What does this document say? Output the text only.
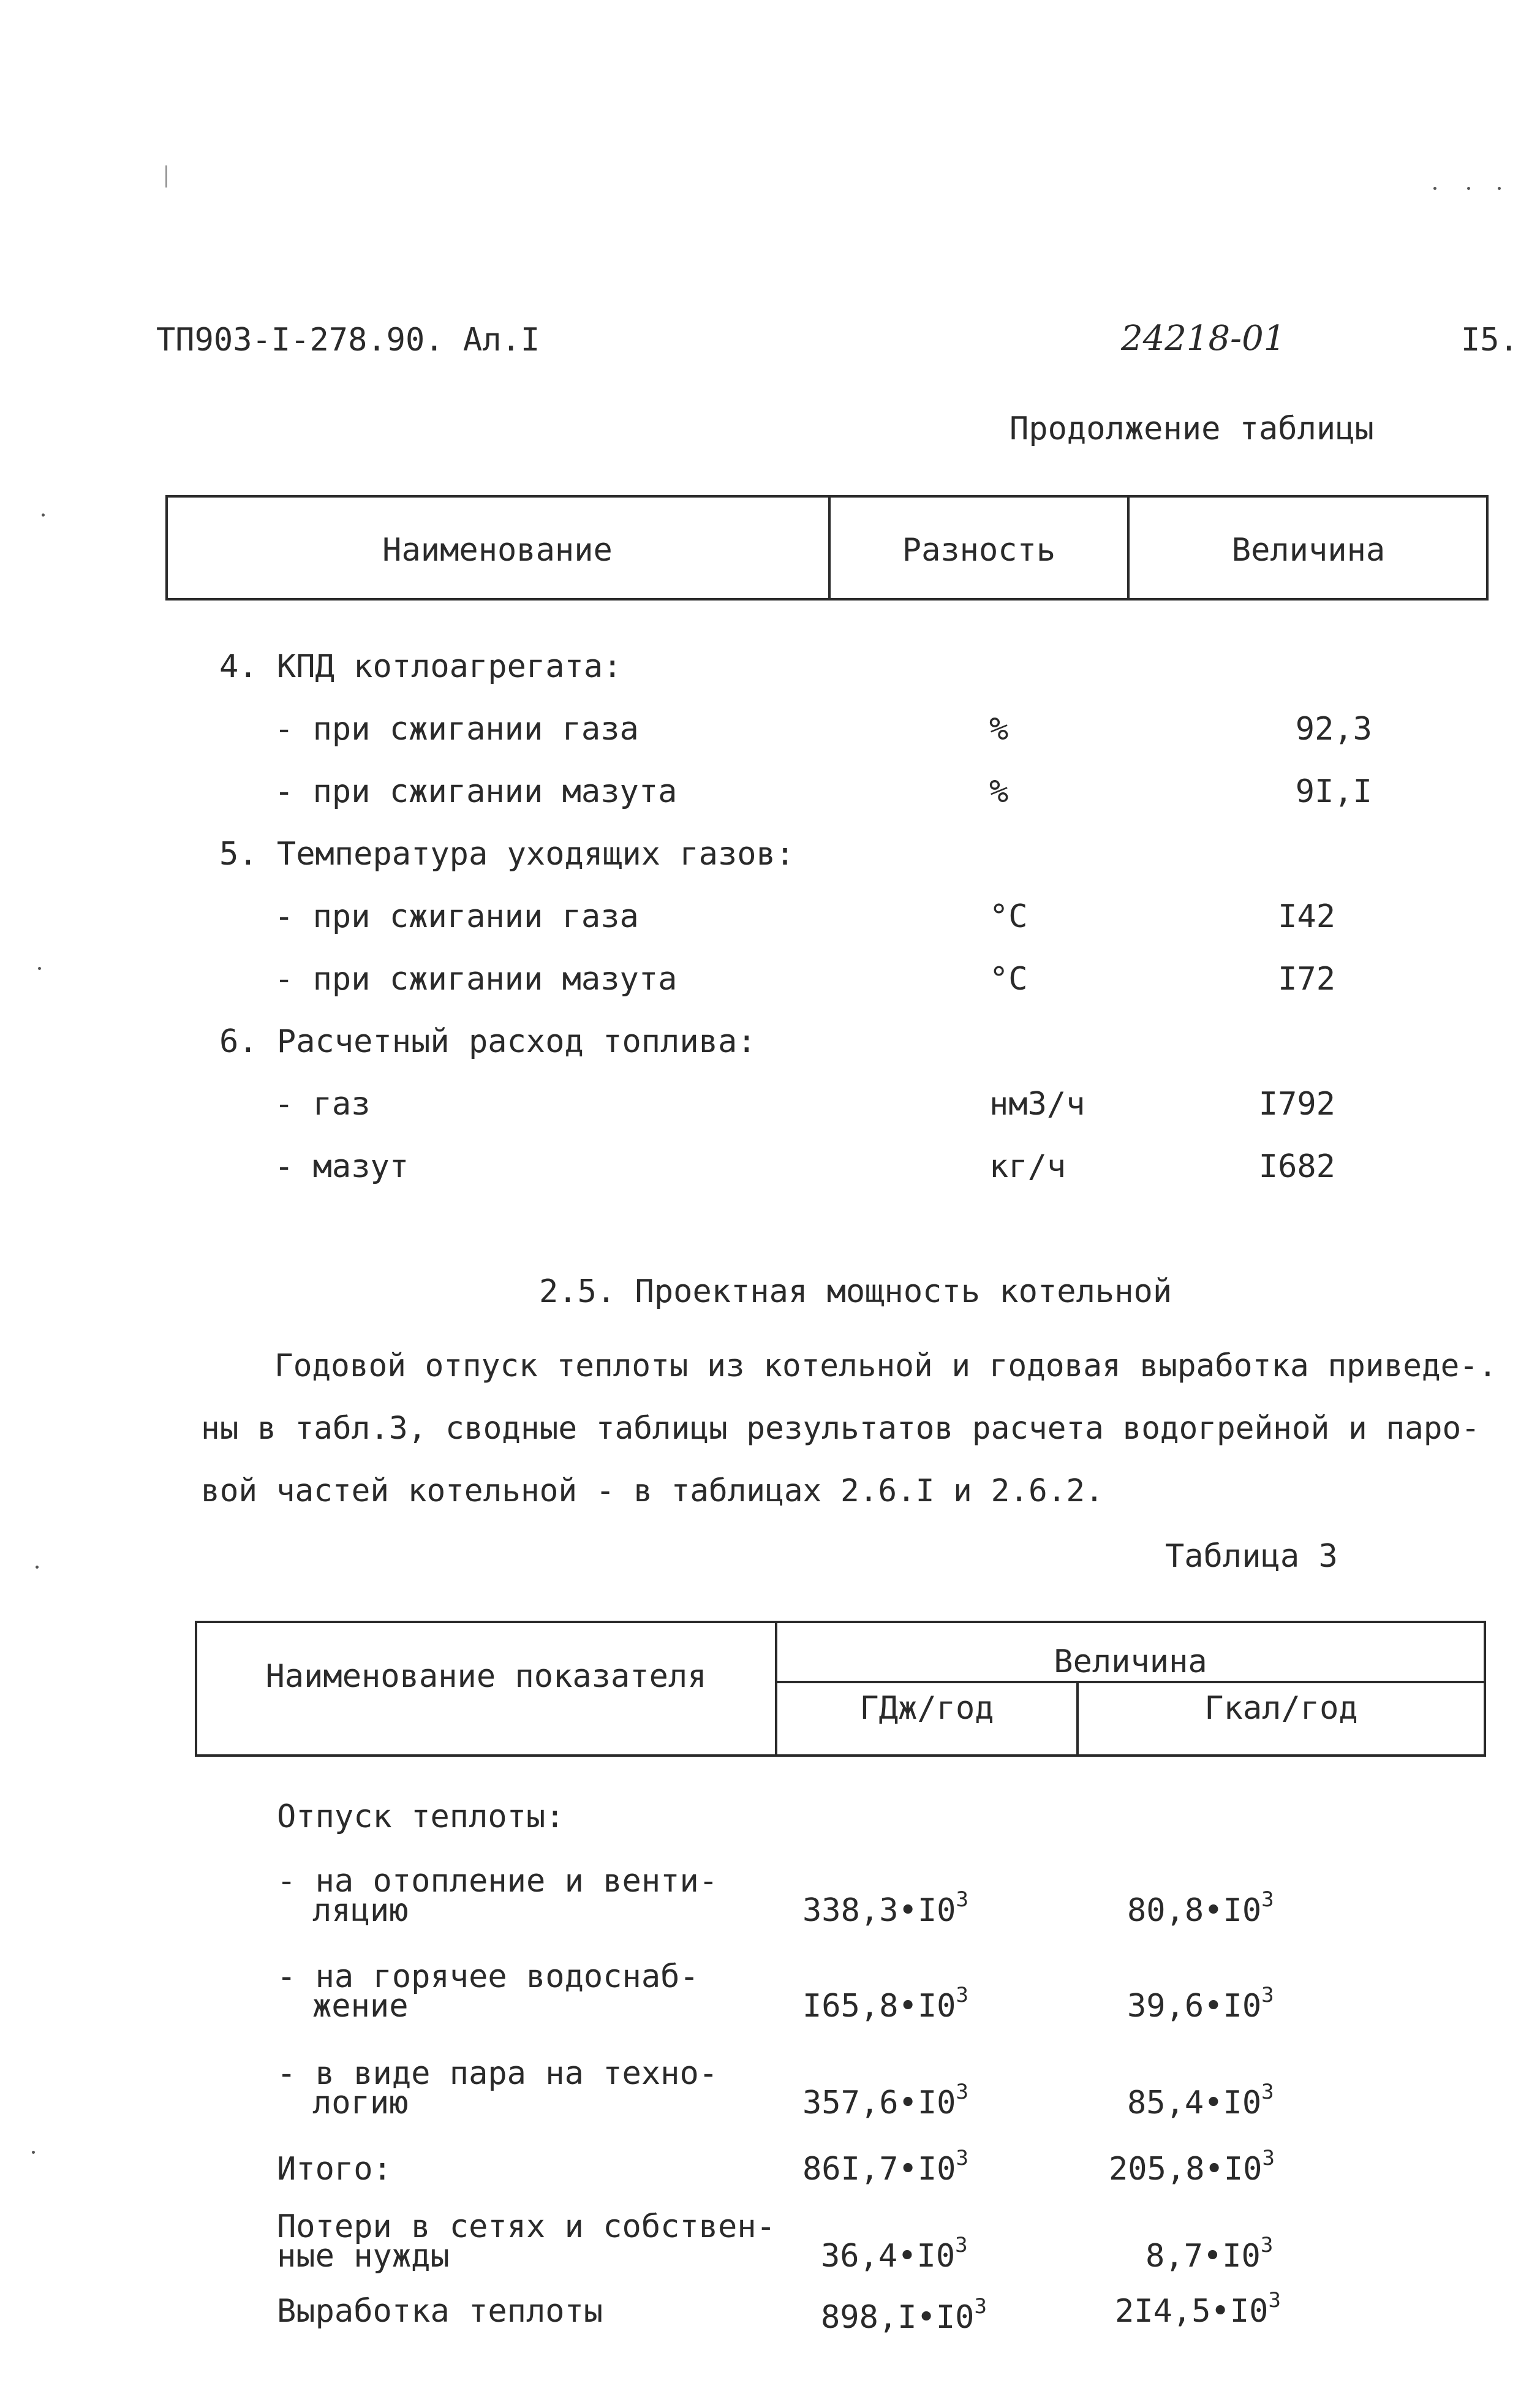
ТП903-I-278.90. Ал.I	24218-01	I5.
Продолжение таблицы
Наименование	Разность	Величина
4. КПД котлоагрегата:
- при сжигании газа	%	92,3
- при сжигании мазута	%	9I,I
5. Температура уходящих газов:
- при сжигании газа	°C	I42
- при сжигании мазута	°C	I72
6. Расчетный расход топлива:
- газ	нм3/ч	I792
- мазут	кг/ч	I682
2.5. Проектная мощность котельной
Годовой отпуск теплоты из котельной и годовая выработка приведе-.
ны в табл.3, сводные таблицы результатов расчета водогрейной и паро-
вой частей котельной - в таблицах 2.6.I и 2.6.2.
Таблица 3
Наименование показателя	Величина
ГДж/год	Гкал/год
Отпуск теплоты:
- на отопление и венти-
ляцию	$338,3•I0^3$	$80,8•I0^3$
- на горячее водоснаб-
жение	$I65,8•I0^3$	$39,6•I0^3$
- в виде пара на техно-
логию	$357,6•I0^3$	$85,4•I0^3$
Итого:	$86I,7•I0^3$	$205,8•I0^3$
Потери в сетях и собствен-
ные нужды	$36,4•I0^3$	$8,7•I0^3$
Выработка теплоты	$898,I•I0^3$	$2I4,5•I0^3$
